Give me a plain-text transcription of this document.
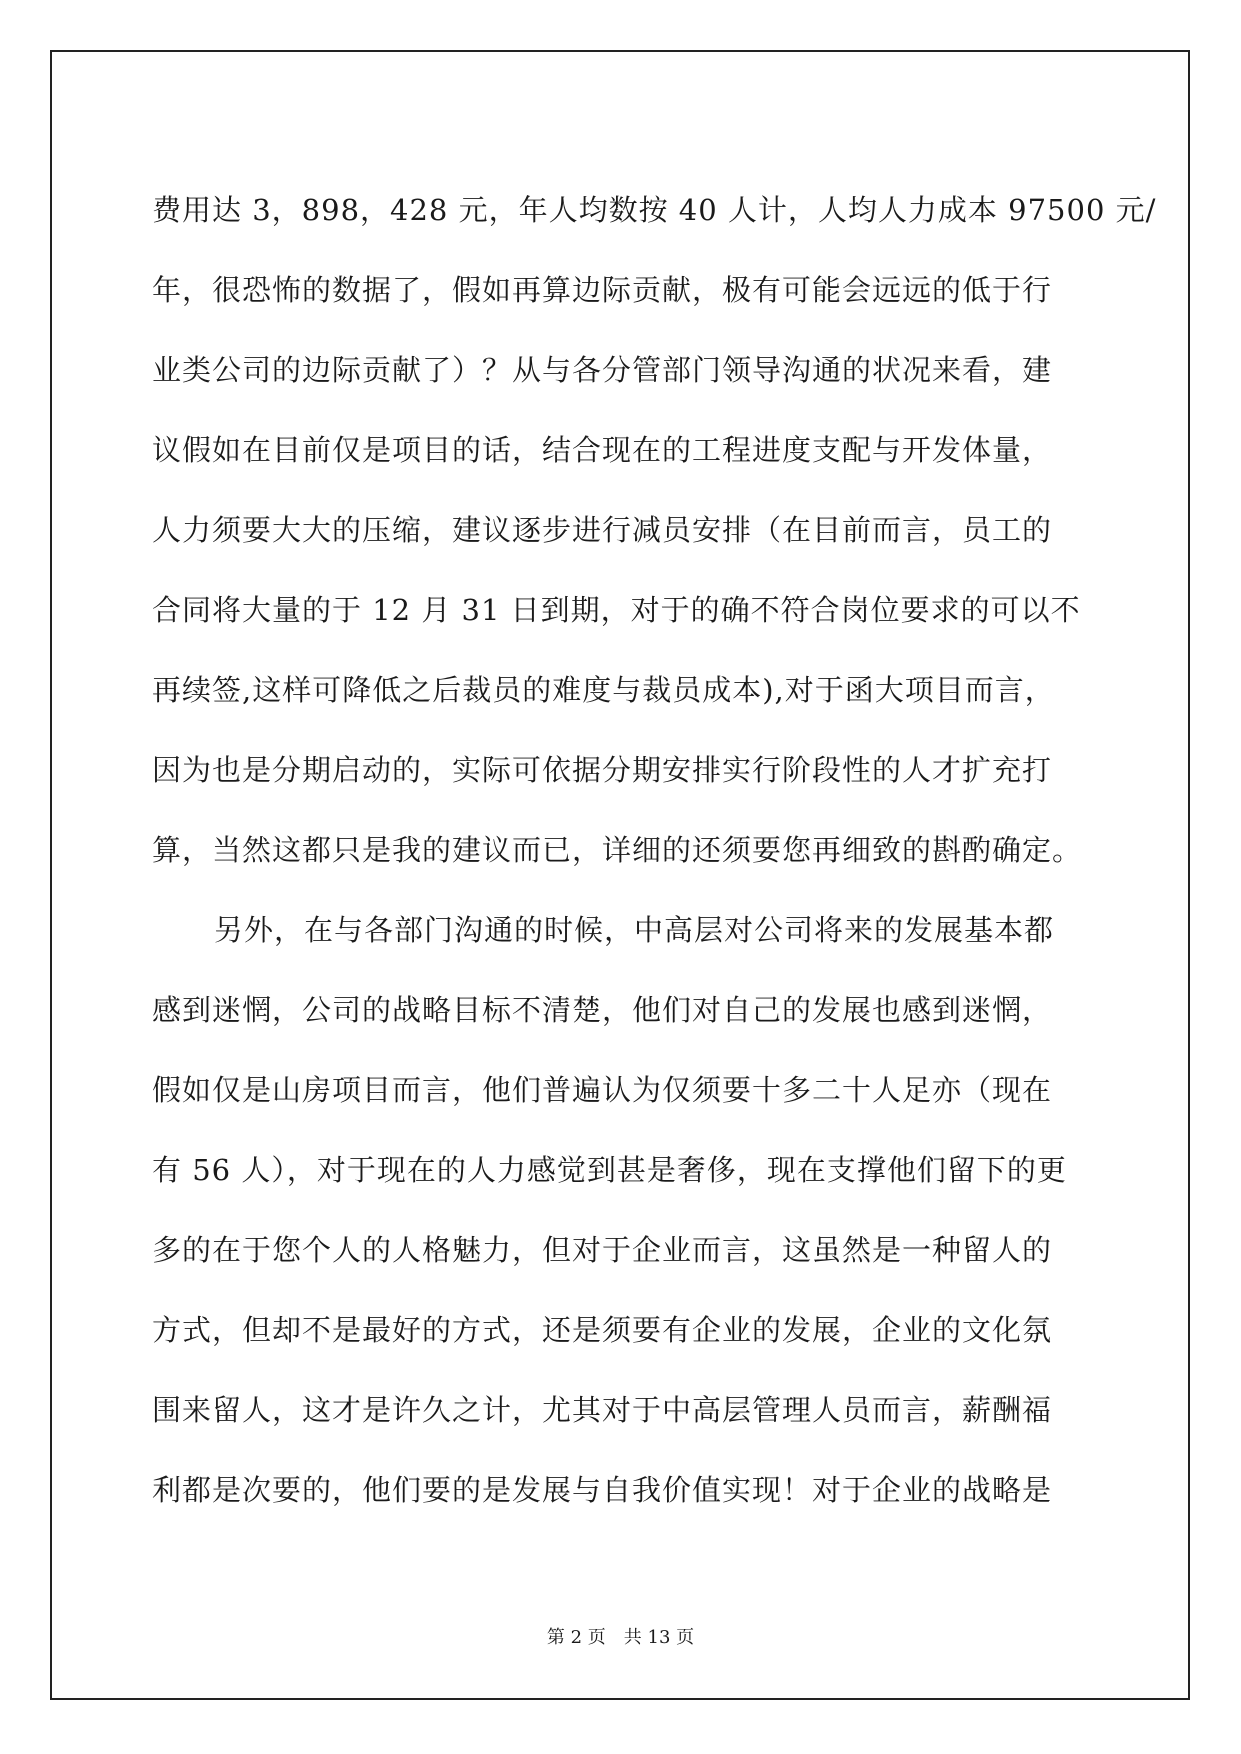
费用达 3，898，428 元，年人均数按 40 人计，人均人力成本 97500 元/
年，很恐怖的数据了，假如再算边际贡献，极有可能会远远的低于行
业类公司的边际贡献了）？从与各分管部门领导沟通的状况来看，建
议假如在目前仅是项目的话，结合现在的工程进度支配与开发体量，
人力须要大大的压缩，建议逐步进行减员安排（在目前而言，员工的
合同将大量的于 12 月 31 日到期，对于的确不符合岗位要求的可以不
再续签,这样可降低之后裁员的难度与裁员成本),对于函大项目而言，
因为也是分期启动的，实际可依据分期安排实行阶段性的人才扩充打
算，当然这都只是我的建议而已，详细的还须要您再细致的斟酌确定。
另外，在与各部门沟通的时候，中高层对公司将来的发展基本都
感到迷惘，公司的战略目标不清楚，他们对自己的发展也感到迷惘，
假如仅是山房项目而言，他们普遍认为仅须要十多二十人足亦（现在
有 56 人），对于现在的人力感觉到甚是奢侈，现在支撑他们留下的更
多的在于您个人的人格魅力，但对于企业而言，这虽然是一种留人的
方式，但却不是最好的方式，还是须要有企业的发展，企业的文化氛
围来留人，这才是许久之计，尤其对于中高层管理人员而言，薪酬福
利都是次要的，他们要的是发展与自我价值实现！对于企业的战略是
第 2 页 共 13 页
